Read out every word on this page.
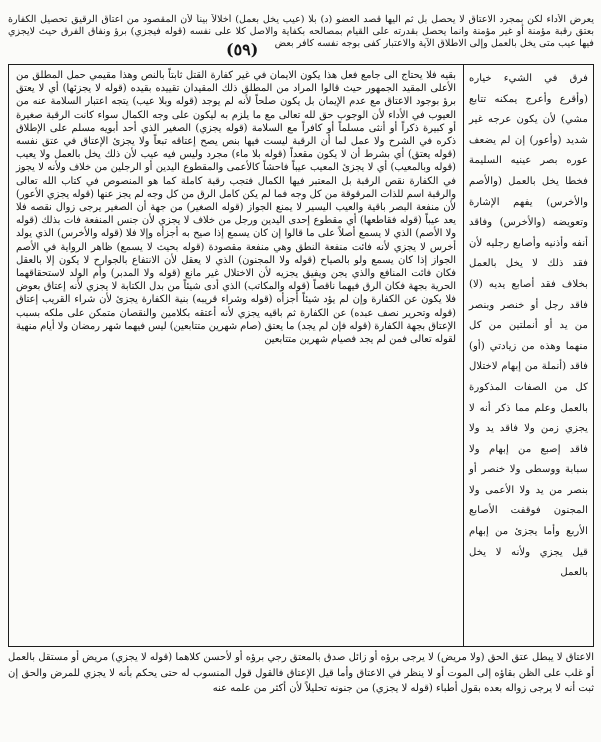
يعرض الأداء لكن بمجرد الاعتاق لا يحصل بل ثم اليها قصد العضو (د) بلا (عيب يخل بعمل) أخلالاً بيناً لأن المقصود من اعتاق الرقيق تحصيل الكفارة بعتق رقبة مؤمنة أو غير مؤمنة وانما يحصل بقدرته على القيام بمصالحه بكفاية والاصل كلا على نفسه (قوله فيجزي) برؤ ونفاق الفرق حيث لايجزي فيها عيب متى يخل بالعمل وإلى الاطلاق الآية والاعتبار كفى بوجه نفسه كافر بعض
(٥٩)
فرق في الشيء خياره (وأقرع وأعرج يمكنه تتابع مشي) لأن يكون عرجه غير شديد (وأعور) إن لم يضعف عوره بصر عينيه السليمة فخطا يخل بالعمل (والأصم والأخرس) يفهم الإشارة وتعويضه (والأخرس) وفاقد أنفه وأذنيه وأصابع رجليه لأن فقد ذلك لا يخل بالعمل بخلاف فقد أصابع يديه (لا) فاقد رجل أو خنصر وبنصر من يد أو أنملتين من كل منهما وهذه من زيادتي (أو) فاقد (أنملة من إبهام لاختلال كل من الصفات المذكورة بالعمل وعلم مما ذكر أنه لا يجزي زمن ولا فاقد يد ولا فاقد إصبع من إبهام ولا سبابة ووسطى ولا خنصر أو بنصر من يد ولا الأعمى ولا المجنون فوقفت الأصابع الأربع وأما يجزئ من إبهام قيل يجزي ولأنه لا يخل بالعمل
بقيه فلا يحتاج الى جامع فعل هذا يكون الايمان في غير كفارة القتل ثابتاً بالنص وهذا مقيمي حمل المطلق من الأعلى المقيد الجمهور حيث قالوا المراد من المطلق ذلك المقيدان تقييده بقيده (قوله لا يجزئها) أي لا يعتق برؤ بوجود الاعتاق مع عدم الإيمان بل يكون صلحاً لأنه لم يوجد (قوله وبلا عيب) يتجه اعتبار السلامة عنه من العيوب في الأداء لأن الوجوب حق لله تعالى مع ما يلزم به ليكون على وجه الكمال سواء كانت الرقبة صغيرة أو كبيرة ذكراً أو أنثى مسلماً أو كافراً مع السلامة (قوله يجزي) الصغير الذي أحد أبويه مسلم على الإطلاق ذكره في الشرح ولا عمل لما أن الرقبة ليست فيها بنص يصح إعتاقه تبعاً ولا يجزئ الإعتاق في عتق نفسه (قوله يعتق) أي بشرط أن لا يكون مقعداً (قوله بلا ماء) مجرد وليس فيه عيب لأن ذلك يخل بالعمل ولا يعيب (قوله وبالمعيب) أي لا يجزئ المعيب عيباً فاحشاً كالأعمى والمقطوع اليدين أو الرجلين من خلاف ولأنه لا يجوز في الكفارة نقص الرقبة بل المعتبر فيها الكمال فتجب رقبة كاملة كما هو المنصوص في كتاب الله تعالى والرقبة اسم للذات المرقوقة من كل وجه فما لم يكن كامل الرق من كل وجه لم يجز عنها (قوله يجزي الأعور) لأن منفعة البصر باقية والعيب اليسير لا يمنع الجواز (قوله الصغير) من جهة أن الصغير يرجى زوال نقصه فلا يعد عيباً (قوله فقاطعها) أي مقطوع إحدى اليدين ورجل من خلاف لا يجزي لأن جنس المنفعة فات بذلك (قوله ولا الأصم) الذي لا يسمع أصلاً على ما قالوا إن كان يسمع إذا صيح به أجزأه وإلا فلا (قوله والأخرس) الذي يولد أخرس لا يجزي لأنه فائت منفعة النطق وهي منفعة مقصودة (قوله بحيث لا يسمع) ظاهر الرواية في الأصم الجواز إذا كان يسمع ولو بالصياح (قوله ولا المجنون) الذي لا يعقل لأن الانتفاع بالجوارح لا يكون إلا بالعقل فكان فائت المنافع والذي يجن ويفيق يجزيه لأن الاختلال غير مانع (قوله ولا المدبر) وأم الولد لاستحقاقهما الحرية بجهة فكان الرق فيهما ناقصاً (قوله والمكاتب) الذي أدى شيئاً من بدل الكتابة لا يجزي لأنه إعتاق بعوض فلا يكون عن الكفارة وإن لم يؤد شيئاً أجزأه (قوله وشراء قريبه) بنية الكفارة يجزئ لأن شراء القريب إعتاق (قوله وتحرير نصف عبده) عن الكفارة ثم باقيه يجزي لأنه أعتقه بكلامين والنقصان متمكن على ملكه بسبب الإعتاق بجهة الكفارة (قوله فإن لم يجد) ما يعتق (صام شهرين متتابعين) ليس فيهما شهر رمضان ولا أيام منهية لقوله تعالى فمن لم يجد فصيام شهرين متتابعين
الاعتاق لا يبطل عتق الحق (ولا مريض) لا يرجى برؤه أو زائل صدق بالمعتق رجي برؤه أو لأحسن كلاهما (قوله لا يجزي) مريض أو مستقل بالعمل أو غلب على الظن بقاؤه إلى الموت أو لا ينظر في الاعتاق وأما قيل الإعتاق فالقول قول المنسوب له حتى يحكم بأنه لا يجزي للمرض والحق إن ثبت أنه لا يرجى زواله بعده بقول أطباء (قوله لا يجزي) من جنونه تحليلاً لأن أكثر من علمه عنه
